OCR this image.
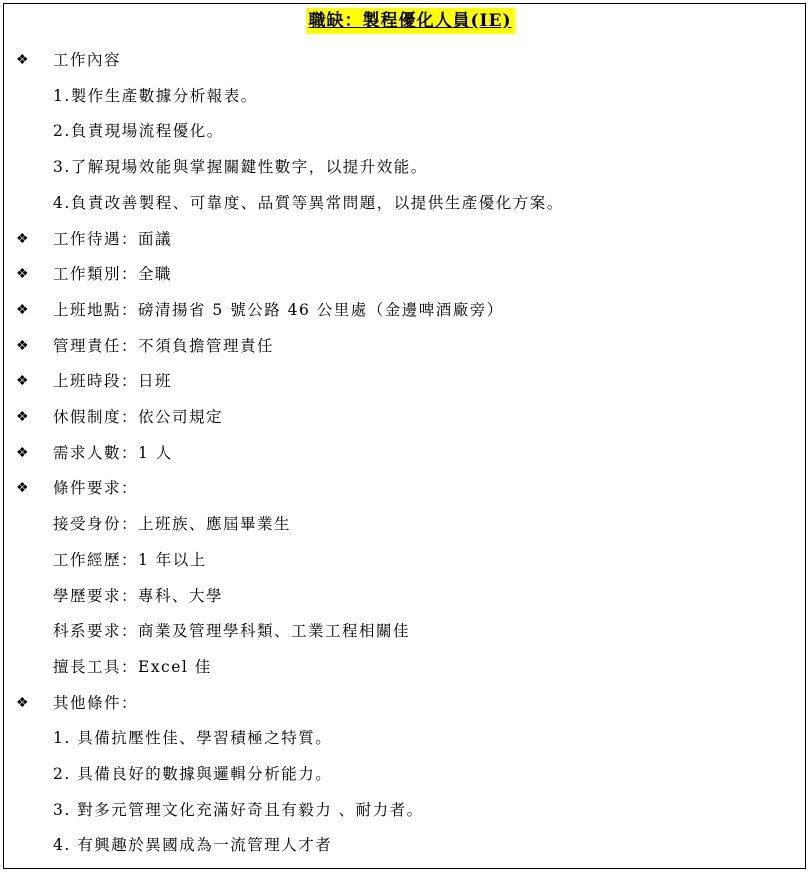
職缺：製程優化人員(IE)
❖ 工作內容
1.製作生產數據分析報表。
2.負責現場流程優化。
3.了解現場效能與掌握關鍵性數字，以提升效能。
4.負責改善製程、可靠度、品質等異常問題，以提供生產優化方案。
❖ 工作待遇：面議
❖ 工作類別：全職
❖ 上班地點：磅清揚省 5 號公路 46 公里處（金邊啤酒廠旁）
❖ 管理責任：不須負擔管理責任
❖ 上班時段：日班
❖ 休假制度：依公司規定
❖ 需求人數：1 人
❖ 條件要求：
接受身份：上班族、應屆畢業生
工作經歷：1 年以上
學歷要求：專科、大學
科系要求：商業及管理學科類、工業工程相關佳
擅長工具：Excel 佳
❖ 其他條件：
1. 具備抗壓性佳、學習積極之特質。
2. 具備良好的數據與邏輯分析能力。
3. 對多元管理文化充滿好奇且有毅力 、耐力者。
4. 有興趣於異國成為一流管理人才者
